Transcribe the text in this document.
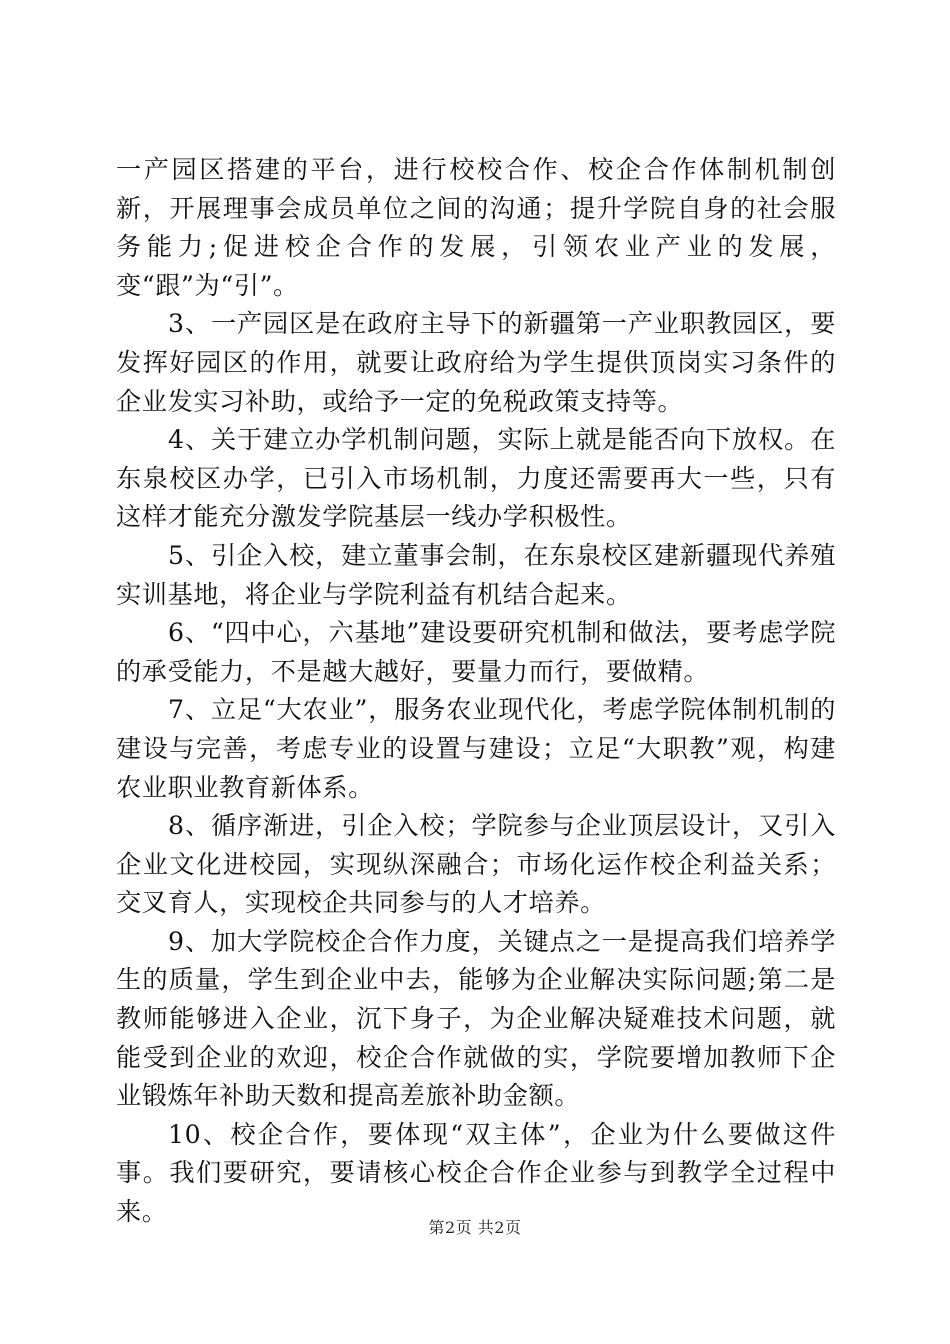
一产园区搭建的平台，进行校校合作、校企合作体制机制创新，开展理事会成员单位之间的沟通；提升学院自身的社会服务能力;促进校企合作的发展，引领农业产业的发展，变“跟”为“引”。

3、一产园区是在政府主导下的新疆第一产业职教园区，要发挥好园区的作用，就要让政府给为学生提供顶岗实习条件的企业发实习补助，或给予一定的免税政策支持等。

4、关于建立办学机制问题，实际上就是能否向下放权。在东泉校区办学，已引入市场机制，力度还需要再大一些，只有这样才能充分激发学院基层一线办学积极性。

5、引企入校，建立董事会制，在东泉校区建新疆现代养殖实训基地，将企业与学院利益有机结合起来。

6、“四中心，六基地”建设要研究机制和做法，要考虑学院的承受能力，不是越大越好，要量力而行，要做精。

7、立足“大农业”，服务农业现代化，考虑学院体制机制的建设与完善，考虑专业的设置与建设；立足“大职教”观，构建农业职业教育新体系。

8、循序渐进，引企入校；学院参与企业顶层设计，又引入企业文化进校园，实现纵深融合；市场化运作校企利益关系；交叉育人，实现校企共同参与的人才培养。

9、加大学院校企合作力度，关键点之一是提高我们培养学生的质量，学生到企业中去，能够为企业解决实际问题;第二是教师能够进入企业，沉下身子，为企业解决疑难技术问题，就能受到企业的欢迎，校企合作就做的实，学院要增加教师下企业锻炼年补助天数和提高差旅补助金额。

10、校企合作，要体现“双主体”，企业为什么要做这件事。我们要研究，要请核心校企合作企业参与到教学全过程中来。

第2页 共2页
